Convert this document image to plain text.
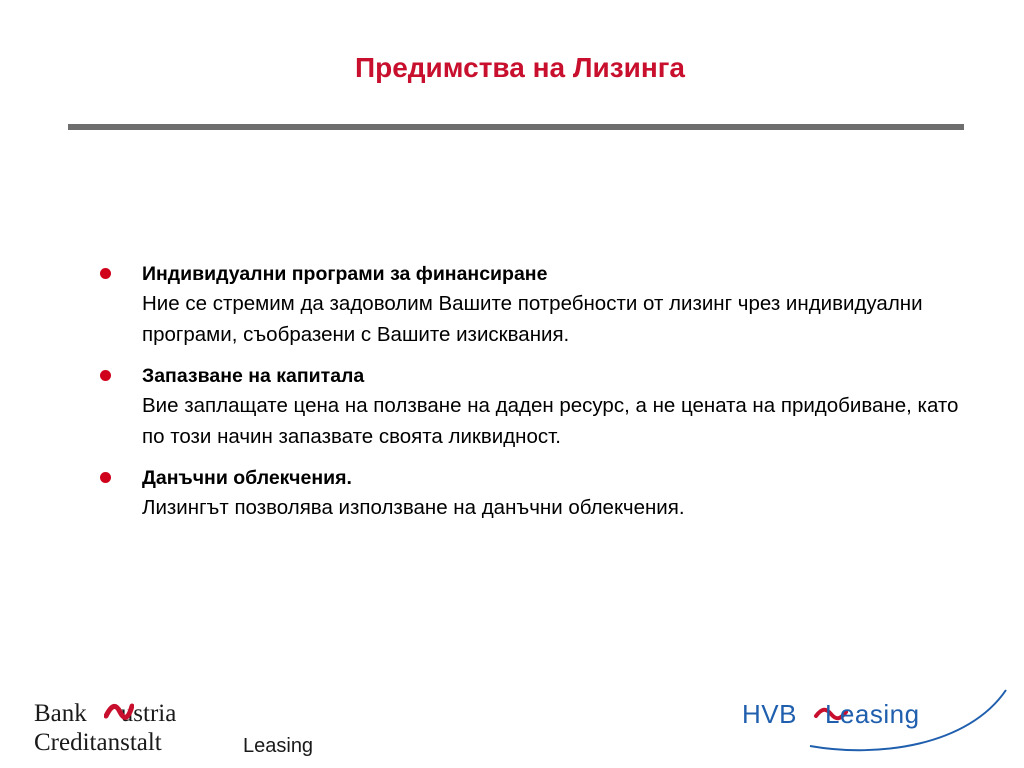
Предимства на Лизинга
Индивидуални програми за финансиране
Ние се стремим да задоволим Вашите потребности от лизинг чрез индивидуални програми, съобразени с Вашите изисквания.
Запазване на капитала
Вие заплащате цена на ползване на даден ресурс, а не цената на придобиване, като по този начин запазвате своята ликвидност.
Данъчни облекчения.
Лизингът позволява използване на данъчни облекчения.
Bank ustria
Creditanstalt	Leasing
HVB Leasing
